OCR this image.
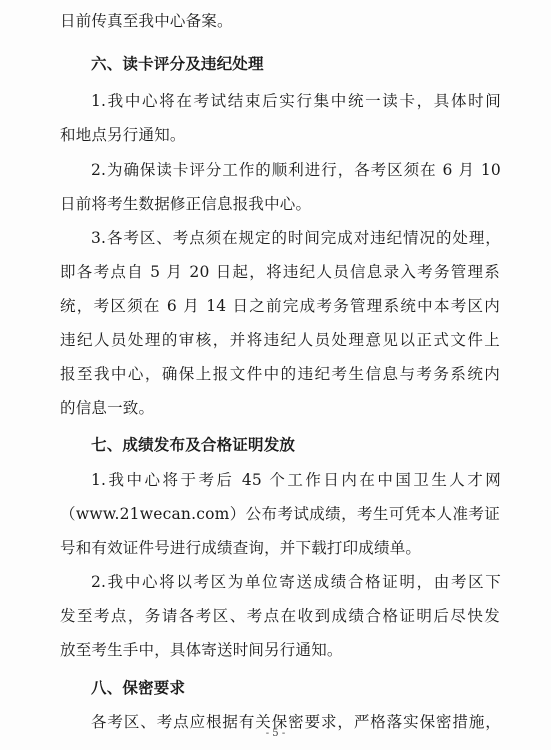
日前传真至我中心备案。
六、读卡评分及违纪处理
1.我中心将在考试结束后实行集中统一读卡，具体时间
和地点另行通知。
2.为确保读卡评分工作的顺利进行，各考区须在 6 月 10
日前将考生数据修正信息报我中心。
3.各考区、考点须在规定的时间完成对违纪情况的处理，
即各考点自 5 月 20 日起，将违纪人员信息录入考务管理系
统，考区须在 6 月 14 日之前完成考务管理系统中本考区内
违纪人员处理的审核，并将违纪人员处理意见以正式文件上
报至我中心，确保上报文件中的违纪考生信息与考务系统内
的信息一致。
七、成绩发布及合格证明发放
1.我中心将于考后 45 个工作日内在中国卫生人才网
（www.21wecan.com）公布考试成绩，考生可凭本人准考证
号和有效证件号进行成绩查询，并下载打印成绩单。
2.我中心将以考区为单位寄送成绩合格证明，由考区下
发至考点，务请各考区、考点在收到成绩合格证明后尽快发
放至考生手中，具体寄送时间另行通知。
八、保密要求
各考区、考点应根据有关保密要求，严格落实保密措施，
- 5 -
